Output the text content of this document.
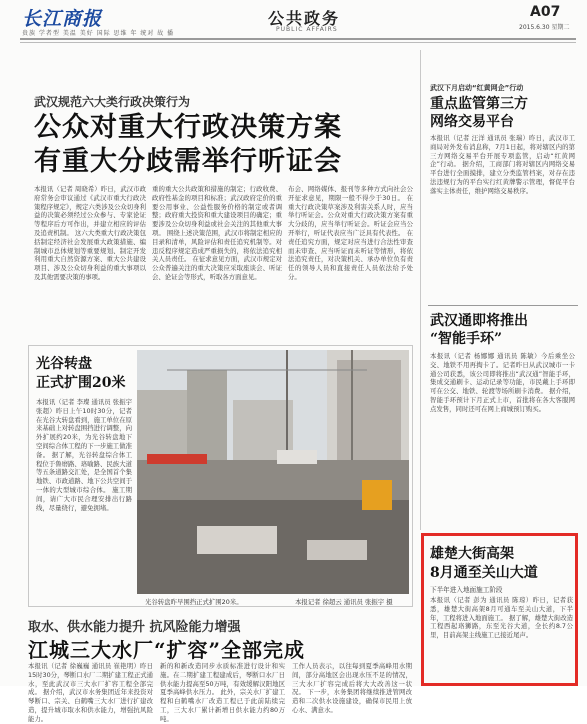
长江商报
贵族 学者型 美温 美好 国际 思维 年 统对 故 播
公共政务
PUBLIC AFFAIRS
A07
2015.6.30 星期二
武汉规范六大类行政决策行为
公众对重大行政决策方案
有重大分歧需举行听证会
本报讯（记者 周晓希）昨日，武汉市政府常务会审议通过《武汉市重大行政决策程序规定》，规定六类涉及公众切身利益的决策必须经过公众参与、专家论证等程序后方可作出，并建立相应的评估及追责机制。 这六大类重大行政决策包括制定经济社会发展重大政策措施、编制城市总体规划等重要规划、制定开发利用重大自然资源方案、重大公共建设项目、涉及公众切身利益的重大事项以及其他需要决策的事项。
重的重大公共政策和措施的制定；行政收费、政府性基金的项目和标准；武汉政府定价的重要公用事业、公益性服务价格的制定或者调整；政府重大投资和重大建设项目的确定；重要涉及公众切身利益或社会关注的其他重大事项。 围绕上述决策范围，武汉市将制定相应的目录和清单，风险评估和责任追究机制等。对违反程序规定造成严重损失的，将依法追究相关人员责任。 在征求意见方面，武汉市规定对公众普遍关注的重大决策应采取座谈会、听证会、论证会等形式，听取各方面意见。
布会、网络媒体、报刊等多种方式向社会公开征求意见，期限一般不得少于30日。 在重大行政决策草案涉及利害关系人时，应当举行听证会。公众对重大行政决策方案有重大分歧的，应当举行听证会。听证会应当公开举行，听证代表应当广泛具有代表性。 在责任追究方面，规定对应当进行合法性审查而未审查、应当听证而未听证等情形，将依法追究责任，对决策机关、承办单位负有责任的领导人员和直接责任人员依法给予处分。
光谷转盘
正式扩围20米
本报讯（记者 李璨 通讯员 张振宇 张超）昨日上午10时30分，记者在光谷大转盘看到，施工单位在原来基础上对转盘围挡进行调整，向外扩展约20米，为光谷转盘地下空间综合体工程的下一步施工做准备。 据了解，光谷转盘综合体工程位于鲁磨路、珞喻路、民族大道等五条道路交汇处，是全国首个集地铁、市政道路、地下公共空间于一体的大型城市综合体。 施工期间，请广大市民合理安排出行路线，尽量绕行，避免拥堵。
光谷转盘昨早围挡正式扩围20米。	本报记者 徐超云 通讯员 张振宇 摄
取水、供水能力提升 抗风险能力增强
江城三大水厂“扩容”全部完成
本报讯（记者 徐巍巍 通讯员 崔艳明）昨日15时30分，琴断口水厂二期扩建工程正式通水，至此武汉市三大水厂扩容工程全部完成。 据介绍，武汉市水务集团近年来投资对琴断口、宗关、白鹤嘴三大水厂进行扩建改造，提升城市取水和供水能力，增强抗风险能力。
新的和新改造同步水质标准进行设计和实施。在二期扩建工程建成后，琴断口水厂日供水能力提高至50万吨，有效缓解汉阳地区夏季高峰供水压力。 此外，宗关水厂扩建工程和白鹤嘴水厂改造工程已于此前陆续完工，三大水厂累计新增日供水能力约80万吨。
工作人员表示，以往每到夏季高峰用水期间，部分高地区会出现水压不足的情况，三大水厂扩容完成后将大大改善这一状况。 下一步，水务集团将继续推进管网改造和二次供水设施建设，确保市民用上放心水、满意水。
武汉下月启动“红黄网企”行动
重点监管第三方
网络交易平台
本报讯（记者 汪洋 通讯员 张瑞）昨日，武汉市工商局对外发布消息称，7月1日起，将对辖区内的第三方网络交易平台开展专项监管，启动“红黄网企”行动。 据介绍，工商部门将对辖区内网络交易平台进行全面摸排，建立分类监管档案，对存在违法违规行为的平台实行红黄牌警示管理，督促平台落实主体责任，维护网络交易秩序。
武汉通即将推出
“智能手环”
本报讯（记者 杨娜娜 通讯员 陈敏）今后乘坐公交、地铁不用再掏卡了。记者昨日从武汉城市一卡通公司获悉，该公司即将推出“武汉通”智能手环，集成交通刷卡、运动记录等功能，市民戴上手环即可在公交、地铁、轮渡等场所刷卡消费。 据介绍，智能手环预计下月正式上市，首批将在各大客服网点发售，同时还可在网上商城预订购买。
雄楚大街高架
8月通至关山大道
下半年进入地面施工阶段
本报讯（记者 彭为 通讯员 陈琼）昨日，记者获悉，雄楚大街高架8月可通车至关山大道，下半年，工程将进入地面施工。 据了解，雄楚大街改造工程西起珞狮路，东至光谷大道，全长约8.7公里，目前高架主线施工已接近尾声。
